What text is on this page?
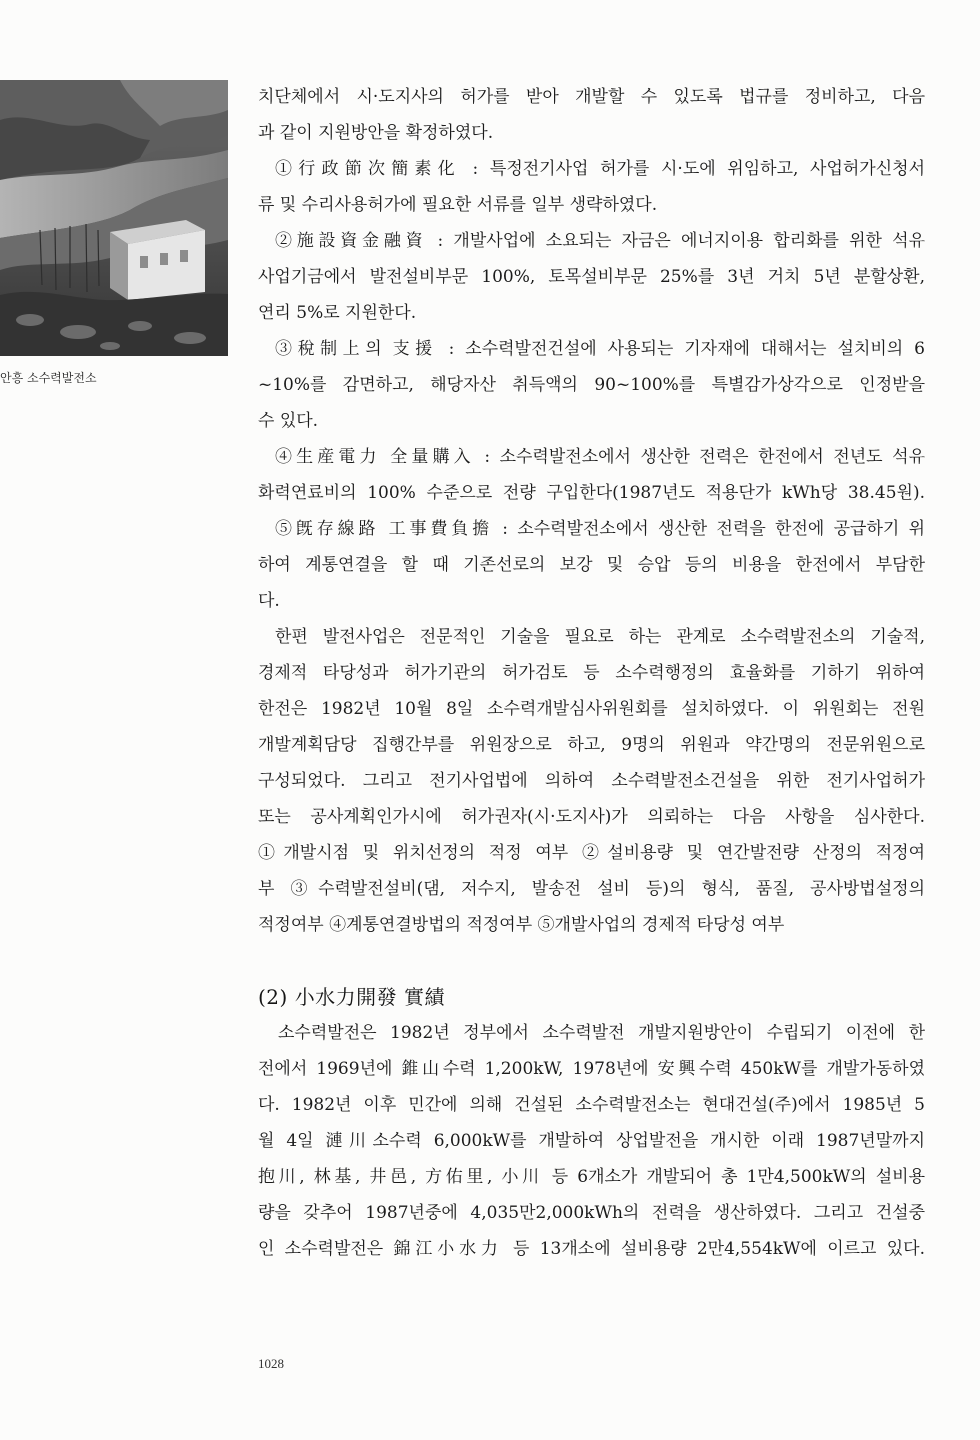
안흥 소수력발전소
치단체에서 시·도지사의 허가를 받아 개발할 수 있도록 법규를 정비하고, 다음
과 같이 지원방안을 확정하였다.
①行政節次簡素化 : 특정전기사업 허가를 시·도에 위임하고, 사업허가신청서
류 및 수리사용허가에 필요한 서류를 일부 생략하였다.
②施設資金融資 : 개발사업에 소요되는 자금은 에너지이용 합리화를 위한 석유
사업기금에서 발전설비부문 100%, 토목설비부문 25%를 3년 거치 5년 분할상환,
연리 5%로 지원한다.
③稅制上의 支援 : 소수력발전건설에 사용되는 기자재에 대해서는 설치비의 6
~10%를 감면하고, 해당자산 취득액의 90~100%를 특별감가상각으로 인정받을
수 있다.
④生産電力 全量購入 : 소수력발전소에서 생산한 전력은 한전에서 전년도 석유
화력연료비의 100% 수준으로 전량 구입한다(1987년도 적용단가 kWh당 38.45원).
⑤旣存線路 工事費負擔 : 소수력발전소에서 생산한 전력을 한전에 공급하기 위
하여 계통연결을 할 때 기존선로의 보강 및 승압 등의 비용을 한전에서 부담한
다.
한편 발전사업은 전문적인 기술을 필요로 하는 관계로 소수력발전소의 기술적,
경제적 타당성과 허가기관의 허가검토 등 소수력행정의 효율화를 기하기 위하여
한전은 1982년 10월 8일 소수력개발심사위원회를 설치하였다. 이 위원회는 전원
개발계획담당 집행간부를 위원장으로 하고, 9명의 위원과 약간명의 전문위원으로
구성되었다. 그리고 전기사업법에 의하여 소수력발전소건설을 위한 전기사업허가
또는 공사계획인가시에 허가권자(시·도지사)가 의뢰하는 다음 사항을 심사한다.
①개발시점 및 위치선정의 적정 여부 ②설비용량 및 연간발전량 산정의 적정여
부 ③수력발전설비(댐, 저수지, 발송전 설비 등)의 형식, 품질, 공사방법설정의
적정여부 ④계통연결방법의 적정여부 ⑤개발사업의 경제적 타당성 여부
(2) 小水力開發 實績
소수력발전은 1982년 정부에서 소수력발전 개발지원방안이 수립되기 이전에 한
전에서 1969년에 錐山수력 1,200kW, 1978년에 安興수력 450kW를 개발가동하였
다. 1982년 이후 민간에 의해 건설된 소수력발전소는 현대건설(주)에서 1985년 5
월 4일 漣川소수력 6,000kW를 개발하여 상업발전을 개시한 이래 1987년말까지
抱川, 林基, 井邑, 方佑里, 小川 등 6개소가 개발되어 총 1만4,500kW의 설비용
량을 갖추어 1987년중에 4,035만2,000kWh의 전력을 생산하였다. 그리고 건설중
인 소수력발전은 錦江小水力 등 13개소에 설비용량 2만4,554kW에 이르고 있다.
1028
